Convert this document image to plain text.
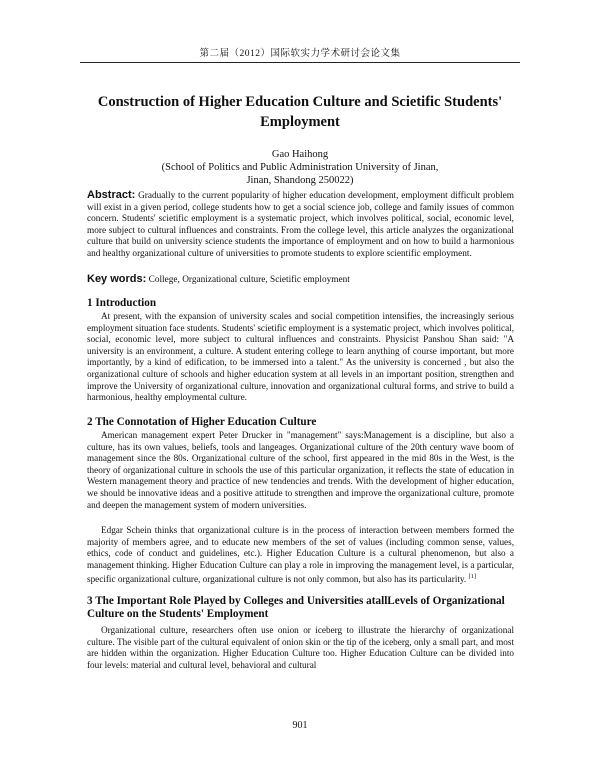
第二届（2012）国际软实力学术研讨会论文集
Construction of Higher Education Culture and Scietific Students' Employment
Gao Haihong
(School of Politics and Public Administration University of Jinan,
Jinan, Shandong 250022)
Abstract: Gradually to the current popularity of higher education development, employment difficult problem will exist in a given period, college students how to get a social science job, college and family issues of common concern. Students' scietific employment is a systematic project, which involves political, social, economic level, more subject to cultural influences and constraints. From the college level, this article analyzes the organizational culture that build on university science students the importance of employment and on how to build a harmonious and healthy organizational culture of universities to promote students to explore scientific employment.
Key words: College, Organizational culture, Scietific employment
1 Introduction

At present, with the expansion of university scales and social competition intensifies, the increasingly serious employment situation face students. Students' scietific employment is a systematic project, which involves political, social, economic level, more subject to cultural influences and constraints. Physicist Panshou Shan said: "A university is an environment, a culture. A student entering college to learn anything of course important, but more importantly, by a kind of edification, to be immersed into a talent." As the university is concerned , but also the organizational culture of schools and higher education system at all levels in an important position, strengthen and improve the University of organizational culture, innovation and organizational cultural forms, and strive to build a harmonious, healthy employmental culture.

2 The Connotation of Higher Education Culture

American management expert Peter Drucker in "management" says:Management is a discipline, but also a culture, has its own values, beliefs, tools and langeages. Organizational culture of the 20th century wave boom of management since the 80s. Organizational culture of the school, first appeared in the mid 80s in the West, is the theory of organizational culture in schools the use of this particular organization, it reflects the state of education in Western management theory and practice of new tendencies and trends. With the development of higher education, we should be innovative ideas and a positive attitude to strengthen and improve the organizational culture, promote and deepen the management system of modern universities.

Edgar Schein thinks that organizational culture is in the process of interaction between members formed the majority of members agree, and to educate new members of the set of values (including common sense, values, ethics, code of conduct and guidelines, etc.). Higher Education Culture is a cultural phenomenon, but also a management thinking. Higher Education Culture can play a role in improving the management level, is a particular, specific organizational culture, organizational culture is not only common, but also has its particularity. [1]

3 The Important Role Played by Colleges and Universities atallLevels of Organizational Culture on the Students' Employment

Organizational culture, researchers often use onion or iceberg to illustrate the hierarchy of organizational culture. The visible part of the cultural equivalent of onion skin or the tip of the iceberg, only a small part, and most are hidden within the organization. Higher Education Culture too. Higher Education Culture can be divided into four levels: material and cultural level, behavioral and cultural

901
